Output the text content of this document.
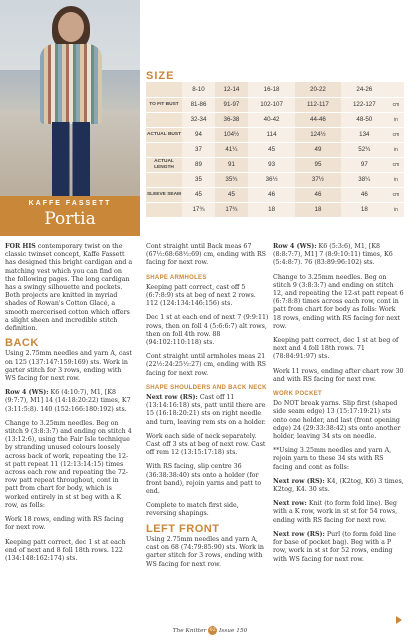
KAFFE FASSETT
Portia
SIZE
	8-10	12-14	16-18	20-22	24-26	
TO FIT BUST	81-86	91-97	102-107	112-117	122-127	cm
	32-34	36-38	40-42	44-46	48-50	in
ACTUAL BUST	94	104½	114	124½	134	cm
	37	41¼	45	49	52¾	in
ACTUAL LENGTH	89	91	93	95	97	cm
	35	35¾	36½	37½	38¼	in
SLEEVE SEAM	45	45	46	46	46	cm
	17¾	17¾	18	18	18	in

FOR HIS contemporary twist on the classic twinset concept, Kaffe Fassett has designed this bright cardigan and a matching vest which you can find on the following pages. The long cardigan has a swingy silhouette and pockets. Both projects are knitted in myriad shades of Rowan's Cotton Glacé, a smooth mercerised cotton which offers a slight sheen and incredible stitch definition.

BACK

Using 2.75mm needles and yarn A, cast on 125 (137:147:159:169) sts. Work in garter stitch for 3 rows, ending with WS facing for next row.

Row 4 (WS): K6 (4:10:7), M1, [K8 (9:7:7), M1] 14 (14:18:20:22) times, K7 (3:11:5:8). 140 (152:166:180:192) sts.

Change to 3.25mm needles. Beg on stitch 9 (3:8:3:7) and ending on stitch 4 (13:12:6), using the Fair Isle technique by stranding unused colours loosely across back of work, repeating the 12-st patt repeat 11 (12:13:14:15) times across each row and repeating the 72-row patt repeat throughout, cont in patt from chart for body, which is worked entirely in st st beg with a K row, as folls:

Work 18 rows, ending with RS facing for next row.

Keeping patt correct, dec 1 st at each end of next and 8 foll 18th rows. 122 (134:148:162:174) sts.

Cont straight until Back meas 67 (67½:68:68½:69) cm, ending with RS facing for next row.

SHAPE ARMHOLES

Keeping patt correct, cast off 5 (6:7:8:9) sts at beg of next 2 rows. 112 (124:134:146:156) sts.

Dec 1 st at each end of next 7 (9:9:11) rows, then on foll 4 (5:6:6:7) alt rows, then on foll 4th row. 88 (94:102:110:118) sts.

Cont straight until armholes meas 21 (22½:24:25½:27) cm, ending with RS facing for next row.

SHAPE SHOULDERS AND BACK NECK

Next row (RS): Cast off 11 (13:14:16:18) sts, patt until there are 15 (16:18:20:21) sts on right needle and turn, leaving rem sts on a holder.

Work each side of neck separately. Cast off 3 sts at beg of next row. Cast off rem 12 (13:15:17:18) sts.

With RS facing, slip centre 36 (36:38:38:40) sts onto a holder (for front band), rejoin yarns and patt to end.

Complete to match first side, reversing shapings.

LEFT FRONT

Using 2.75mm needles and yarn A, cast on 68 (74:79:85:90) sts. Work in garter stitch for 3 rows, ending with WS facing for next row.

Row 4 (WS): K6 (5:3:6), M1, [K8 (8:8:7:7), M1] 7 (8:9:10:11) times, K6 (5:4:8:7). 76 (83:89:96:102) sts.

Change to 3.25mm needles. Beg on stitch 9 (3:8:3:7) and ending on stitch 12, and repeating the 12-st patt repeat 6 (6:7:8:8) times across each row, cont in patt from chart for body as folls: Work 18 rows, ending with RS facing for next row.

Keeping patt correct, dec 1 st at beg of next and 4 foll 18th rows. 71 (78:84:91:97) sts.

Work 11 rows, ending after chart row 30 and with RS facing for next row.

WORK POCKET

Do NOT break yarns. Slip first (shaped side seam edge) 13 (15:17:19:21) sts onto one holder, and last (front opening edge) 24 (29:33:38:42) sts onto another holder, leaving 34 sts on needle.

**Using 3.25mm needles and yarn A, rejoin yarn to these 34 sts with RS facing and cont as folls:

Next row (RS): K4, (K2tog, K6) 3 times, K2tog, K4. 30 sts.

Next row: Knit (to form fold line). Beg with a K row, work in st st for 54 rows, ending with RS facing for next row.

Next row (RS): Purl (to form fold line for base of pocket bag). Beg with a P row, work in st st for 52 rows, ending with WS facing for next row.

The Knitter 02 Issue 150
